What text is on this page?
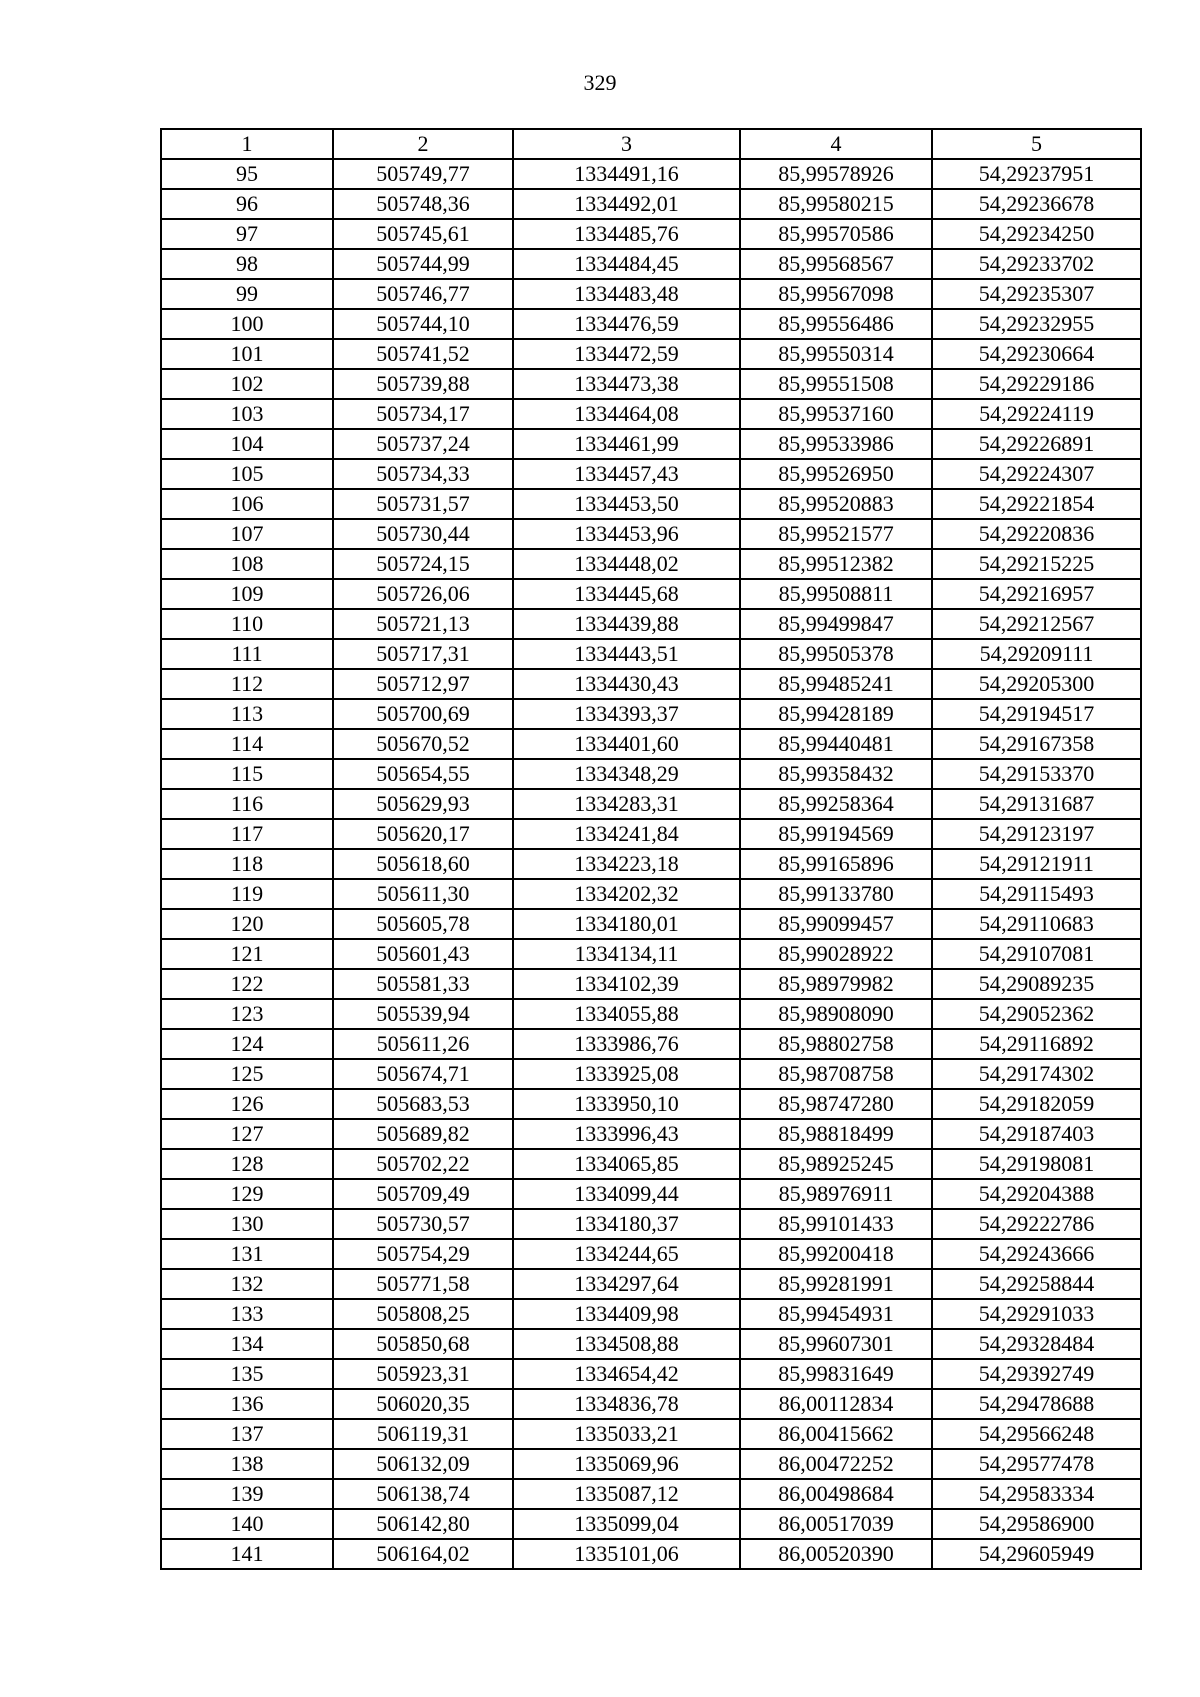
329
1	2	3	4	5
95	505749,77	1334491,16	85,99578926	54,29237951
96	505748,36	1334492,01	85,99580215	54,29236678
97	505745,61	1334485,76	85,99570586	54,29234250
98	505744,99	1334484,45	85,99568567	54,29233702
99	505746,77	1334483,48	85,99567098	54,29235307
100	505744,10	1334476,59	85,99556486	54,29232955
101	505741,52	1334472,59	85,99550314	54,29230664
102	505739,88	1334473,38	85,99551508	54,29229186
103	505734,17	1334464,08	85,99537160	54,29224119
104	505737,24	1334461,99	85,99533986	54,29226891
105	505734,33	1334457,43	85,99526950	54,29224307
106	505731,57	1334453,50	85,99520883	54,29221854
107	505730,44	1334453,96	85,99521577	54,29220836
108	505724,15	1334448,02	85,99512382	54,29215225
109	505726,06	1334445,68	85,99508811	54,29216957
110	505721,13	1334439,88	85,99499847	54,29212567
111	505717,31	1334443,51	85,99505378	54,29209111
112	505712,97	1334430,43	85,99485241	54,29205300
113	505700,69	1334393,37	85,99428189	54,29194517
114	505670,52	1334401,60	85,99440481	54,29167358
115	505654,55	1334348,29	85,99358432	54,29153370
116	505629,93	1334283,31	85,99258364	54,29131687
117	505620,17	1334241,84	85,99194569	54,29123197
118	505618,60	1334223,18	85,99165896	54,29121911
119	505611,30	1334202,32	85,99133780	54,29115493
120	505605,78	1334180,01	85,99099457	54,29110683
121	505601,43	1334134,11	85,99028922	54,29107081
122	505581,33	1334102,39	85,98979982	54,29089235
123	505539,94	1334055,88	85,98908090	54,29052362
124	505611,26	1333986,76	85,98802758	54,29116892
125	505674,71	1333925,08	85,98708758	54,29174302
126	505683,53	1333950,10	85,98747280	54,29182059
127	505689,82	1333996,43	85,98818499	54,29187403
128	505702,22	1334065,85	85,98925245	54,29198081
129	505709,49	1334099,44	85,98976911	54,29204388
130	505730,57	1334180,37	85,99101433	54,29222786
131	505754,29	1334244,65	85,99200418	54,29243666
132	505771,58	1334297,64	85,99281991	54,29258844
133	505808,25	1334409,98	85,99454931	54,29291033
134	505850,68	1334508,88	85,99607301	54,29328484
135	505923,31	1334654,42	85,99831649	54,29392749
136	506020,35	1334836,78	86,00112834	54,29478688
137	506119,31	1335033,21	86,00415662	54,29566248
138	506132,09	1335069,96	86,00472252	54,29577478
139	506138,74	1335087,12	86,00498684	54,29583334
140	506142,80	1335099,04	86,00517039	54,29586900
141	506164,02	1335101,06	86,00520390	54,29605949
